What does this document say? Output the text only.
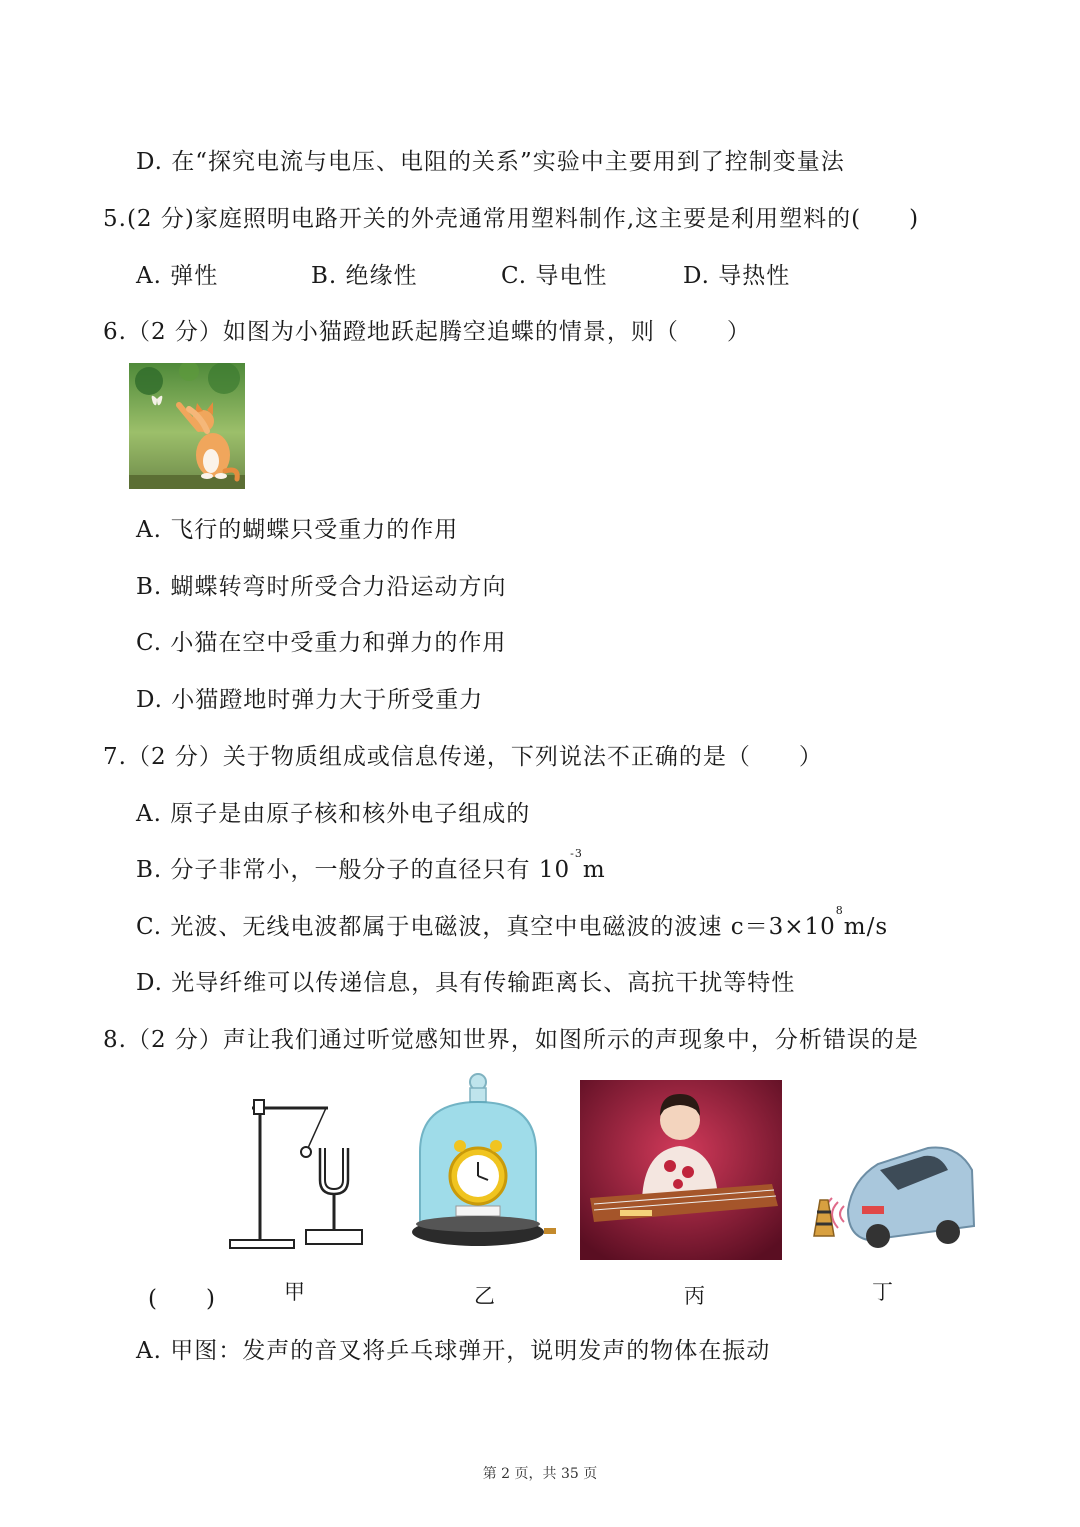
D. 在“探究电流与电压、电阻的关系”实验中主要用到了控制变量法
5.(2 分)家庭照明电路开关的外壳通常用塑料制作,这主要是利用塑料的(　　)
A. 弹性	B. 绝缘性	C. 导电性	D. 导热性
6.（2 分）如图为小猫蹬地跃起腾空追蝶的情景，则（　　）
A. 飞行的蝴蝶只受重力的作用
B. 蝴蝶转弯时所受合力沿运动方向
C. 小猫在空中受重力和弹力的作用
D. 小猫蹬地时弹力大于所受重力
7.（2 分）关于物质组成或信息传递，下列说法不正确的是（　　）
A. 原子是由原子核和核外电子组成的
B. 分子非常小，一般分子的直径只有 $10^{-3}m$
C. 光波、无线电波都属于电磁波，真空中电磁波的波速 $c=3\times 10^8m/s$
D. 光导纤维可以传递信息，具有传输距离长、高抗干扰等特性
8.（2 分）声让我们通过听觉感知世界，如图所示的声现象中，分析错误的是
(　　)	甲	乙	丙	丁
A. 甲图：发声的音叉将乒乓球弹开，说明发声的物体在振动
第 2 页，共 35 页
